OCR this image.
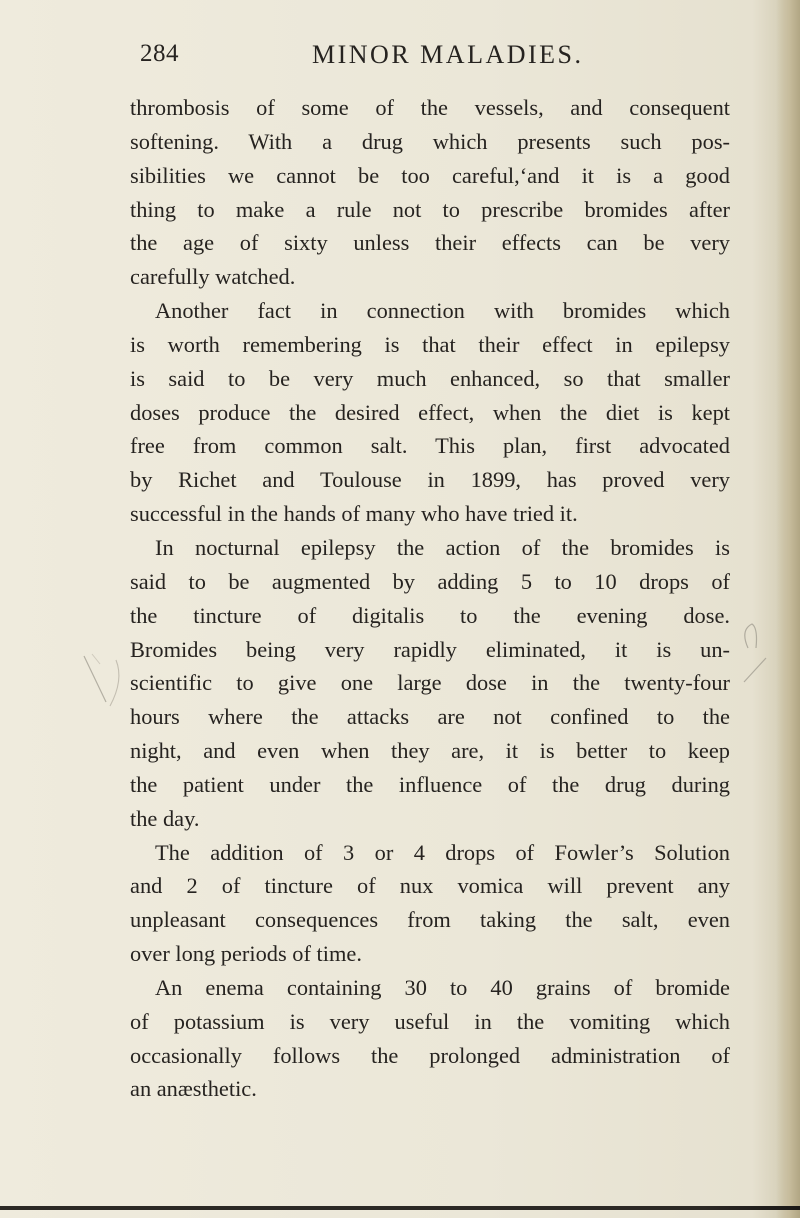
284	MINOR MALADIES.
thrombosis of some of the vessels, and consequent
softening. With a drug which presents such pos-
sibilities we cannot be too careful,‘and it is a good
thing to make a rule not to prescribe bromides after
the age of sixty unless their effects can be very
carefully watched.
Another fact in connection with bromides which
is worth remembering is that their effect in epilepsy
is said to be very much enhanced, so that smaller
doses produce the desired effect, when the diet is kept
free from common salt. This plan, first advocated
by Richet and Toulouse in 1899, has proved very
successful in the hands of many who have tried it.
In nocturnal epilepsy the action of the bromides is
said to be augmented by adding 5 to 10 drops of
the tincture of digitalis to the evening dose.
Bromides being very rapidly eliminated, it is un-
scientific to give one large dose in the twenty-four
hours where the attacks are not confined to the
night, and even when they are, it is better to keep
the patient under the influence of the drug during
the day.
The addition of 3 or 4 drops of Fowler’s Solution
and 2 of tincture of nux vomica will prevent any
unpleasant consequences from taking the salt, even
over long periods of time.
An enema containing 30 to 40 grains of bromide
of potassium is very useful in the vomiting which
occasionally follows the prolonged administration of
an anæsthetic.
